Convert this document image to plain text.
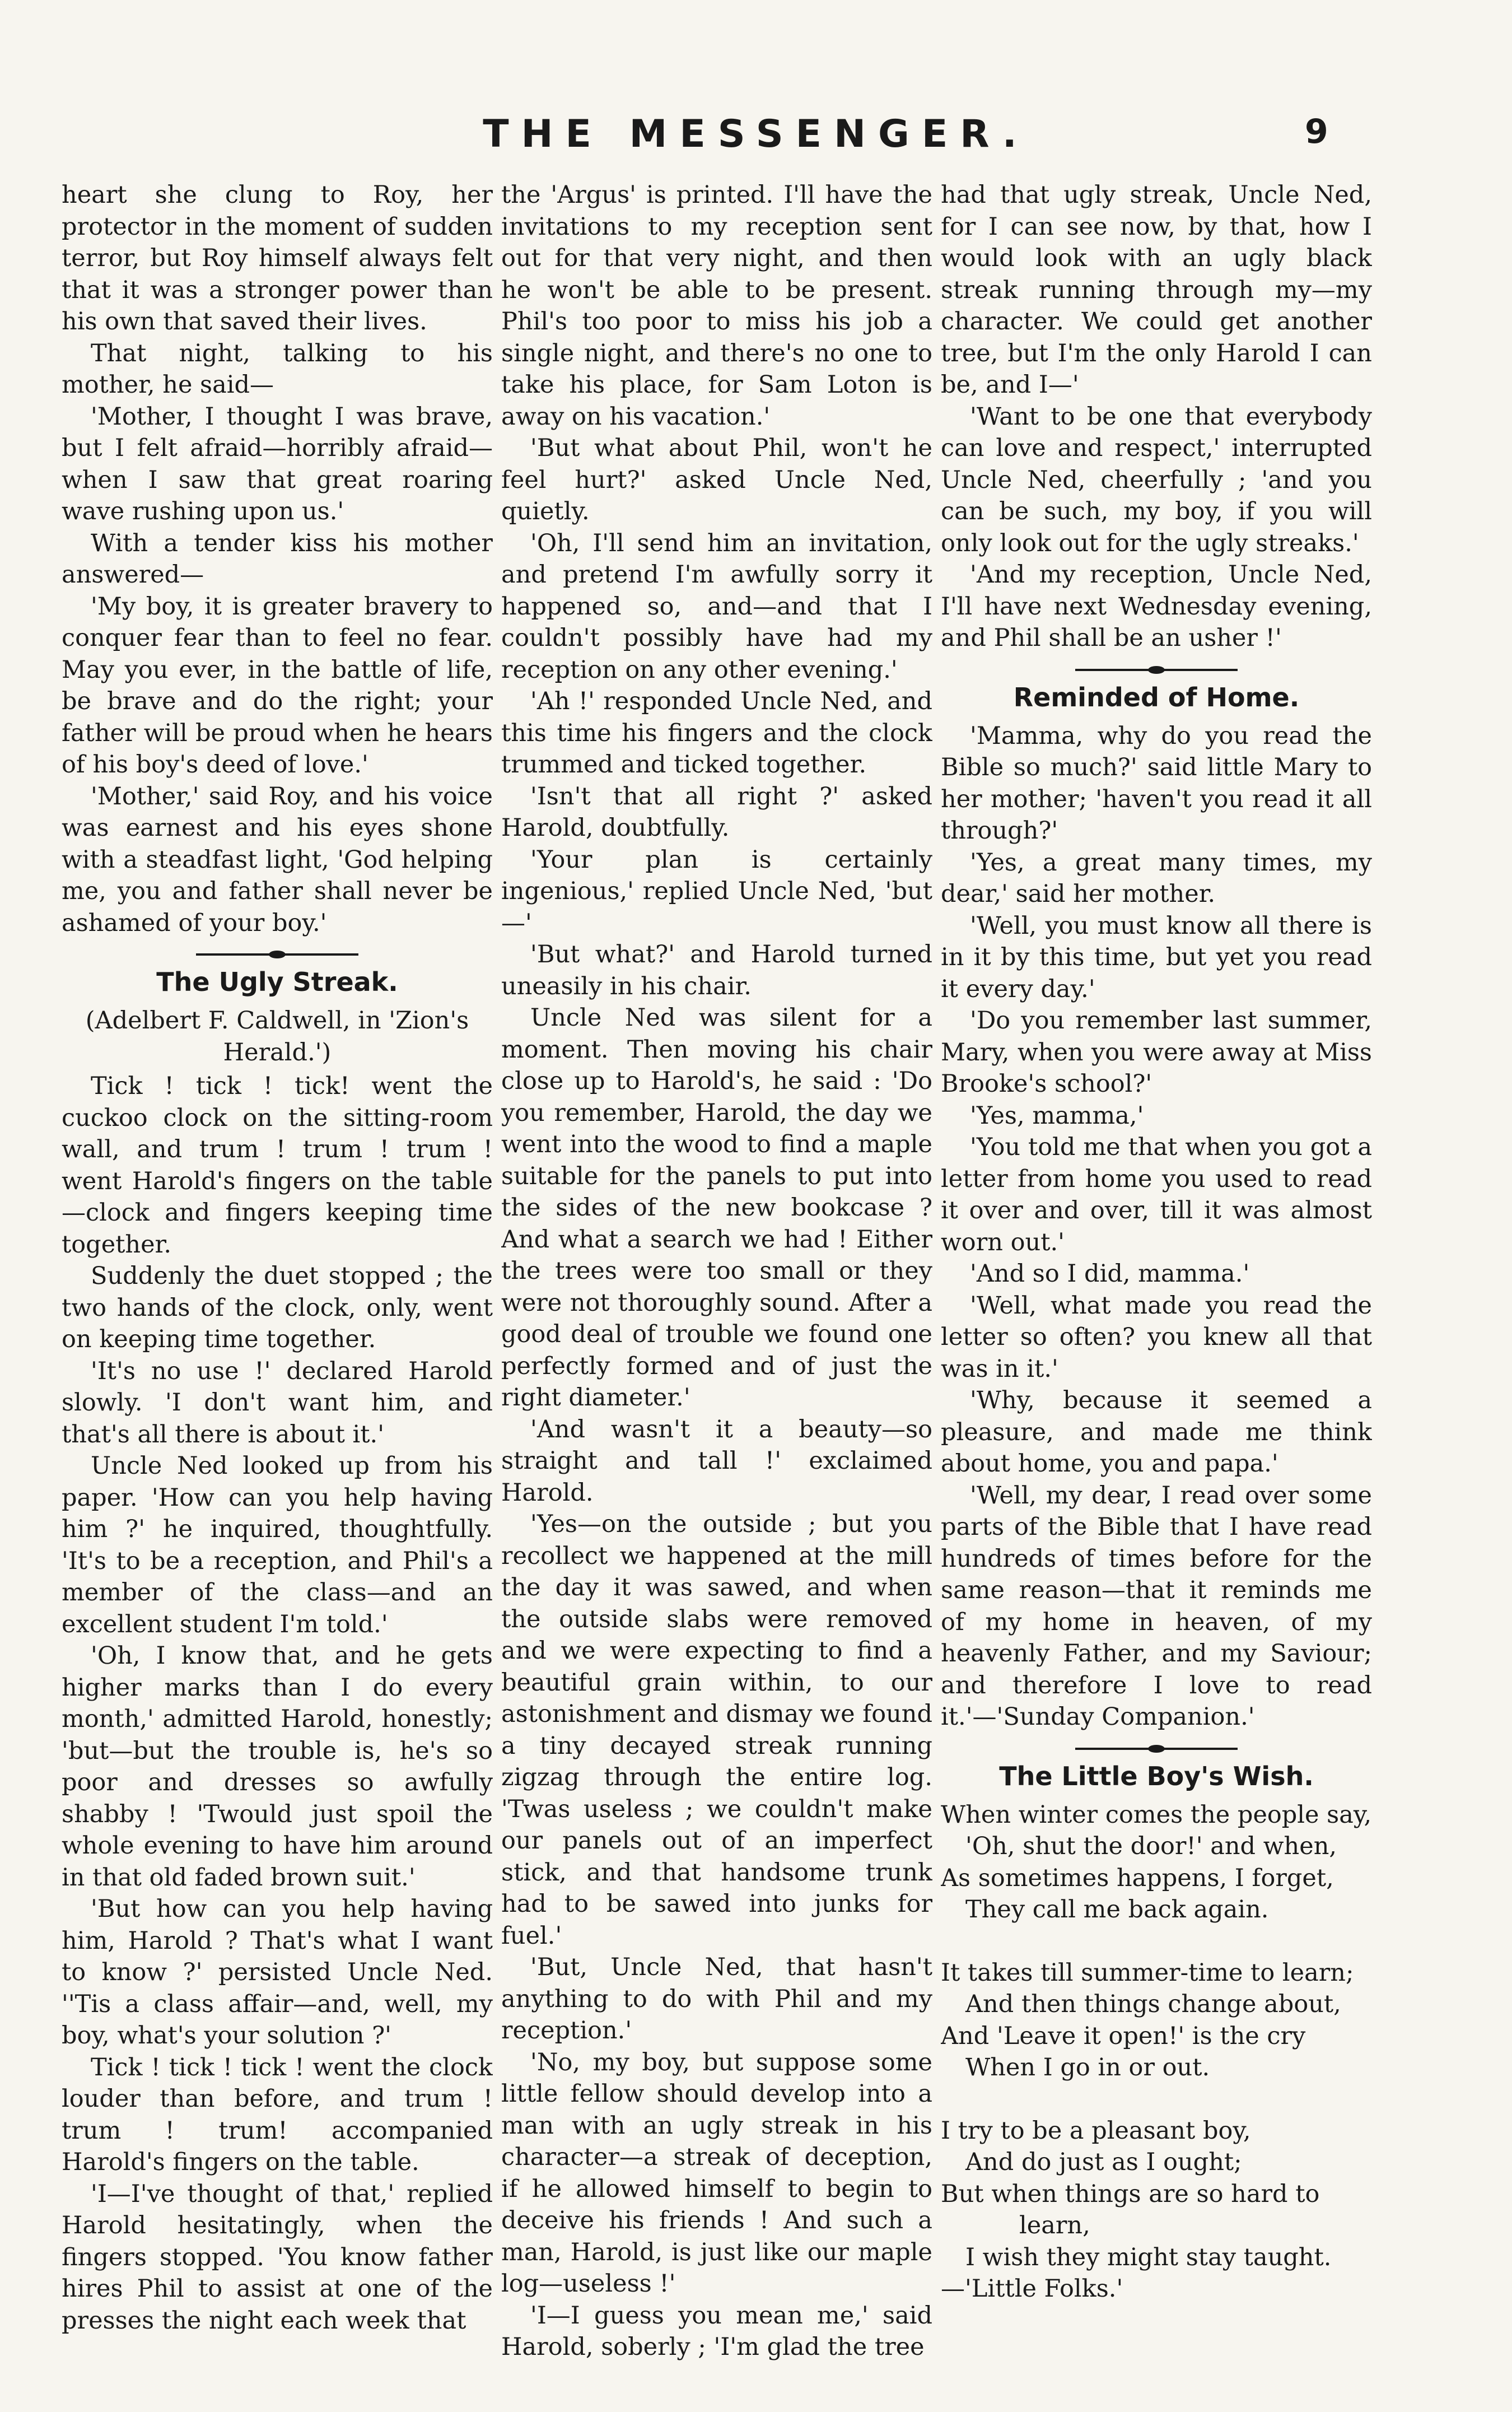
THE MESSENGER.	9

heart she clung to Roy, her protector in the moment of sudden terror, but Roy himself always felt that it was a stronger power than his own that saved their lives.

That night, talking to his mother, he said—

'Mother, I thought I was brave, but I felt afraid—horribly afraid—when I saw that great roaring wave rushing upon us.'

With a tender kiss his mother answered—

'My boy, it is greater bravery to conquer fear than to feel no fear. May you ever, in the battle of life, be brave and do the right; your father will be proud when he hears of his boy's deed of love.'

'Mother,' said Roy, and his voice was earnest and his eyes shone with a steadfast light, 'God helping me, you and father shall never be ashamed of your boy.'

The Ugly Streak.

(Adelbert F. Caldwell, in 'Zion's Herald.')

Tick ! tick ! tick! went the cuckoo clock on the sitting-room wall, and trum ! trum ! trum ! went Harold's fingers on the table—clock and fingers keeping time together.

Suddenly the duet stopped ; the two hands of the clock, only, went on keeping time together.

'It's no use !' declared Harold slowly. 'I don't want him, and that's all there is about it.'

Uncle Ned looked up from his paper. 'How can you help having him ?' he inquired, thoughtfully. 'It's to be a reception, and Phil's a member of the class—and an excellent student I'm told.'

'Oh, I know that, and he gets higher marks than I do every month,' admitted Harold, honestly; 'but—but the trouble is, he's so poor and dresses so awfully shabby ! 'Twould just spoil the whole evening to have him around in that old faded brown suit.'

'But how can you help having him, Harold ? That's what I want to know ?' persisted Uncle Ned. ''Tis a class affair—and, well, my boy, what's your solution ?'

Tick ! tick ! tick ! went the clock louder than before, and trum ! trum ! trum! accompanied Harold's fingers on the table.

'I—I've thought of that,' replied Harold hesitatingly, when the fingers stopped. 'You know father hires Phil to assist at one of the presses the night each week that

the 'Argus' is printed. I'll have the invitations to my reception sent out for that very night, and then he won't be able to be present. Phil's too poor to miss his job a single night, and there's no one to take his place, for Sam Loton is away on his vacation.'

'But what about Phil, won't he feel hurt?' asked Uncle Ned, quietly.

'Oh, I'll send him an invitation, and pretend I'm awfully sorry it happened so, and—and that I couldn't possibly have had my reception on any other evening.'

'Ah !' responded Uncle Ned, and this time his fingers and the clock trummed and ticked together.

'Isn't that all right ?' asked Harold, doubtfully.

'Your plan is certainly ingenious,' replied Uncle Ned, 'but—'

'But what?' and Harold turned uneasily in his chair.

Uncle Ned was silent for a moment. Then moving his chair close up to Harold's, he said : 'Do you remember, Harold, the day we went into the wood to find a maple suitable for the panels to put into the sides of the new bookcase ? And what a search we had ! Either the trees were too small or they were not thoroughly sound. After a good deal of trouble we found one perfectly formed and of just the right diameter.'

'And wasn't it a beauty—so straight and tall !' exclaimed Harold.

'Yes—on the outside ; but you recollect we happened at the mill the day it was sawed, and when the outside slabs were removed and we were expecting to find a beautiful grain within, to our astonishment and dismay we found a tiny decayed streak running zigzag through the entire log. 'Twas useless ; we couldn't make our panels out of an imperfect stick, and that handsome trunk had to be sawed into junks for fuel.'

'But, Uncle Ned, that hasn't anything to do with Phil and my reception.'

'No, my boy, but suppose some little fellow should develop into a man with an ugly streak in his character—a streak of deception, if he allowed himself to begin to deceive his friends ! And such a man, Harold, is just like our maple log—useless !'

'I—I guess you mean me,' said Harold, soberly ; 'I'm glad the tree

had that ugly streak, Uncle Ned, for I can see now, by that, how I would look with an ugly black streak running through my—my character. We could get another tree, but I'm the only Harold I can be, and I—'

'Want to be one that everybody can love and respect,' interrupted Uncle Ned, cheerfully ; 'and you can be such, my boy, if you will only look out for the ugly streaks.'

'And my reception, Uncle Ned, I'll have next Wednesday evening, and Phil shall be an usher !'

Reminded of Home.

'Mamma, why do you read the Bible so much?' said little Mary to her mother; 'haven't you read it all through?'

'Yes, a great many times, my dear,' said her mother.

'Well, you must know all there is in it by this time, but yet you read it every day.'

'Do you remember last summer, Mary, when you were away at Miss Brooke's school?'

'Yes, mamma,'

'You told me that when you got a letter from home you used to read it over and over, till it was almost worn out.'

'And so I did, mamma.'

'Well, what made you read the letter so often? you knew all that was in it.'

'Why, because it seemed a pleasure, and made me think about home, you and papa.'

'Well, my dear, I read over some parts of the Bible that I have read hundreds of times before for the same reason—that it reminds me of my home in heaven, of my heavenly Father, and my Saviour; and therefore I love to read it.'—'Sunday Companion.'

The Little Boy's Wish.
When winter comes the people say,
'Oh, shut the door!' and when,
As sometimes happens, I forget,
They call me back again.
It takes till summer-time to learn;
And then things change about,
And 'Leave it open!' is the cry
When I go in or out.
I try to be a pleasant boy,
And do just as I ought;
But when things are so hard to
learn,
I wish they might stay taught.
—'Little Folks.'
